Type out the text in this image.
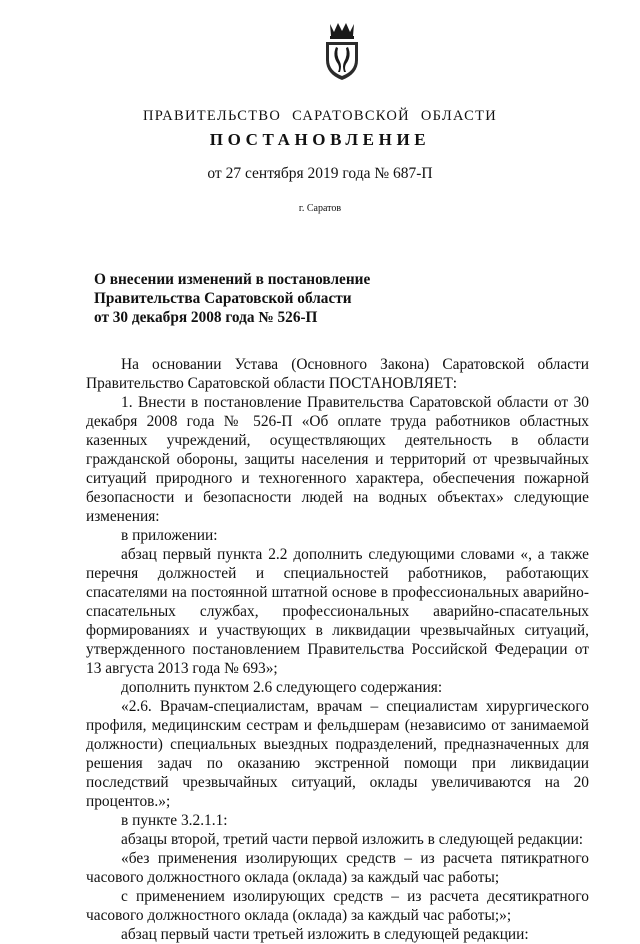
ПРАВИТЕЛЬСТВО САРАТОВСКОЙ ОБЛАСТИ
ПОСТАНОВЛЕНИЕ
от 27 сентября 2019 года № 687-П
г. Саратов
О внесении изменений в постановление
Правительства Саратовской области
от 30 декабря 2008 года № 526-П

На основании Устава (Основного Закона) Саратовской области Правительство Саратовской области ПОСТАНОВЛЯЕТ:

1. Внести в постановление Правительства Саратовской области от 30 декабря 2008 года № 526-П «Об оплате труда работников областных казенных учреждений, осуществляющих деятельность в области гражданской обороны, защиты населения и территорий от чрезвычайных ситуаций природного и техногенного характера, обеспечения пожарной безопасности и безопасности людей на водных объектах» следующие изменения:

в приложении:

абзац первый пункта 2.2 дополнить следующими словами «, а также перечня должностей и специальностей работников, работающих спасателями на постоянной штатной основе в профессиональных аварийно-спасательных службах, профессиональных аварийно-спасательных формированиях и участвующих в ликвидации чрезвычайных ситуаций, утвержденного постановлением Правительства Российской Федерации от 13 августа 2013 года № 693»;

дополнить пунктом 2.6 следующего содержания:

«2.6. Врачам-специалистам, врачам – специалистам хирургического профиля, медицинским сестрам и фельдшерам (независимо от занимаемой должности) специальных выездных подразделений, предназначенных для решения задач по оказанию экстренной помощи при ликвидации последствий чрезвычайных ситуаций, оклады увеличиваются на 20 процентов.»;

в пункте 3.2.1.1:

абзацы второй, третий части первой изложить в следующей редакции:

«без применения изолирующих средств – из расчета пятикратного часового должностного оклада (оклада) за каждый час работы;

с применением изолирующих средств – из расчета десятикратного часового должностного оклада (оклада) за каждый час работы;»;

абзац первый части третьей изложить в следующей редакции:
